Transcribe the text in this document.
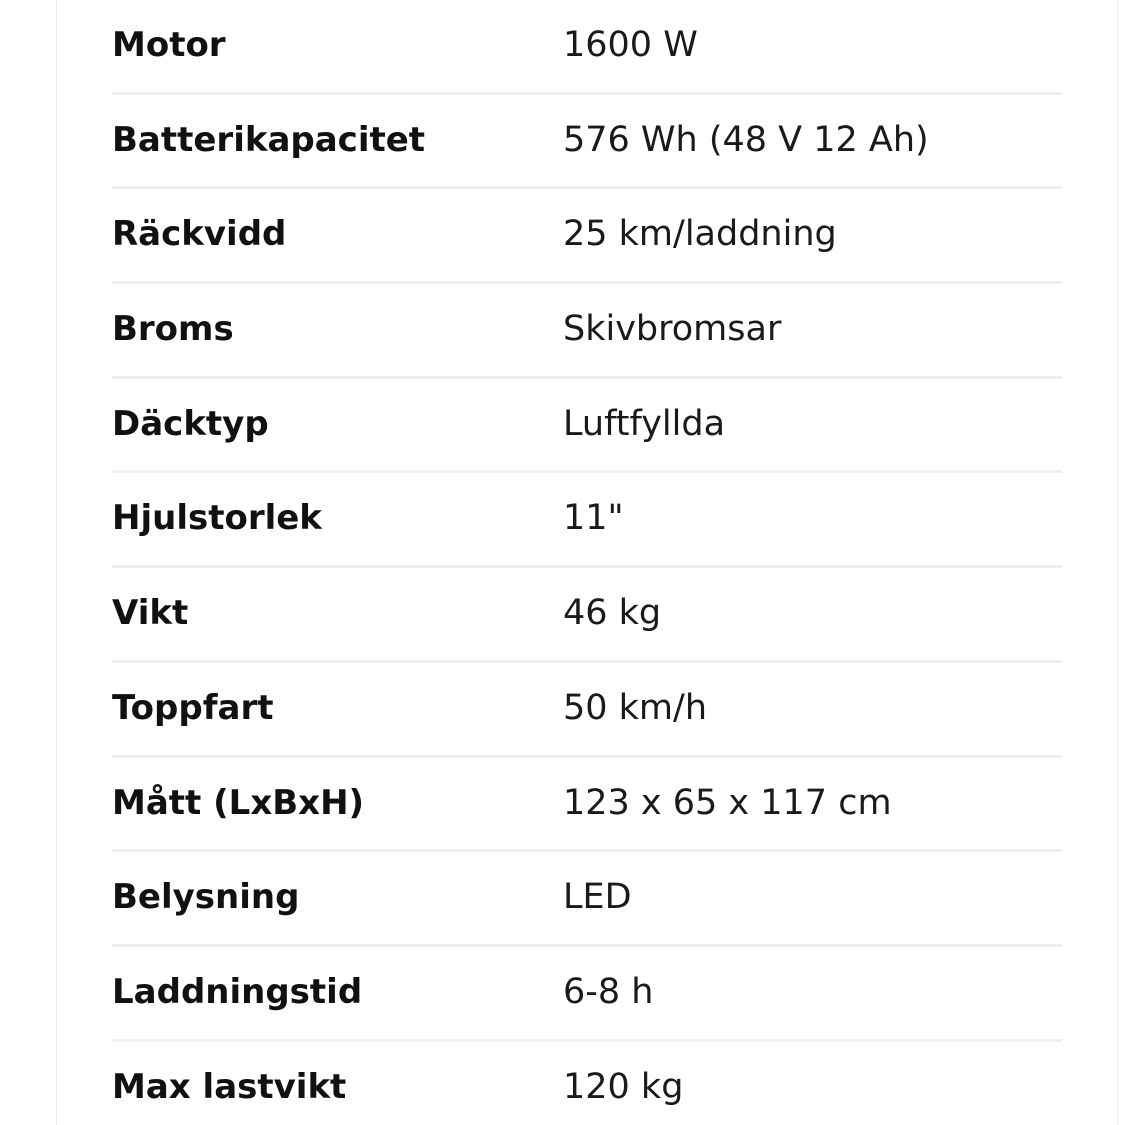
Motor	1600 W
Batterikapacitet	576 Wh (48 V 12 Ah)
Räckvidd	25 km/laddning
Broms	Skivbromsar
Däcktyp	Luftfyllda
Hjulstorlek	11"
Vikt	46 kg
Toppfart	50 km/h
Mått (LxBxH)	123 x 65 x 117 cm
Belysning	LED
Laddningstid	6-8 h
Max lastvikt	120 kg
